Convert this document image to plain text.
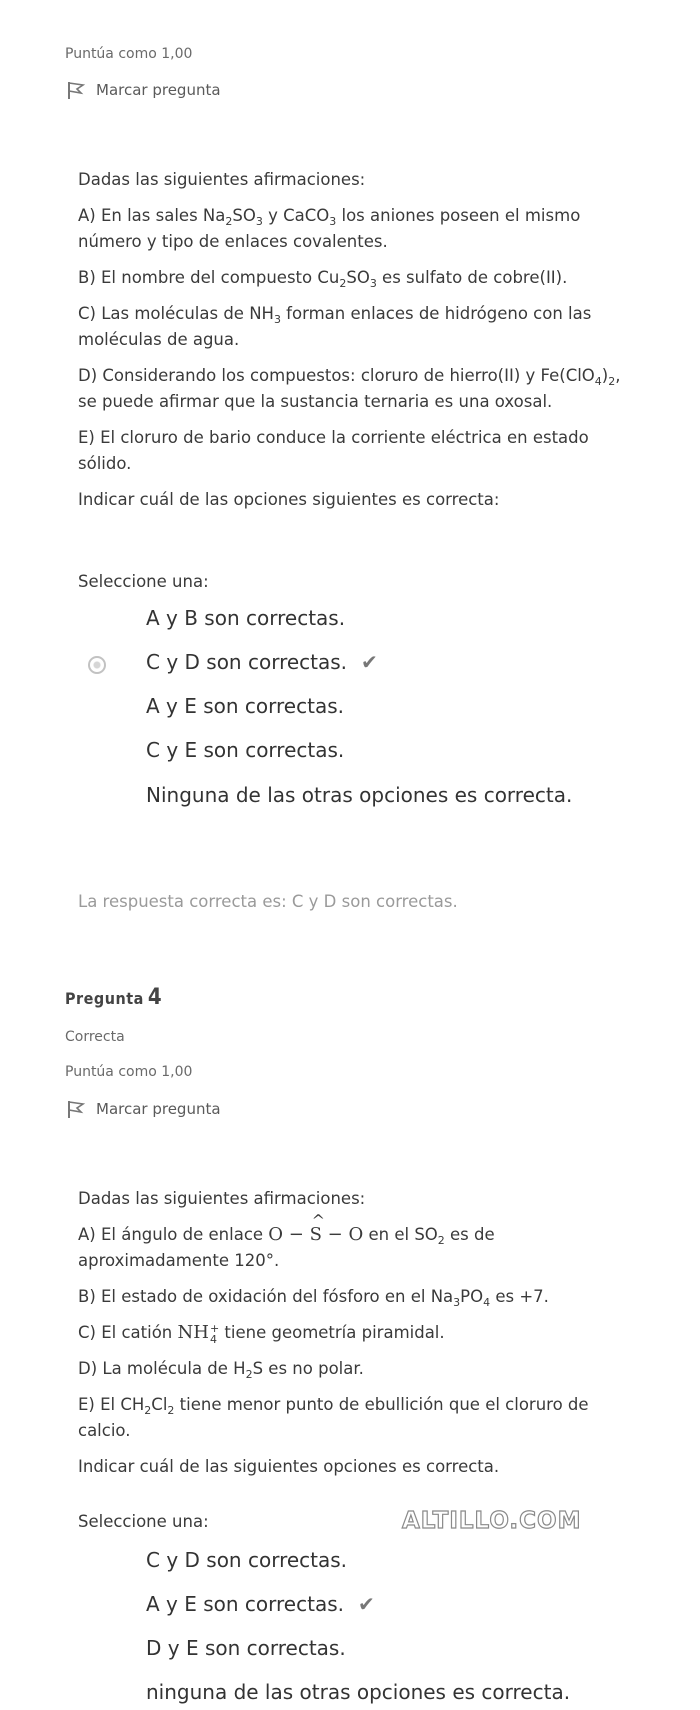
Puntúa como 1,00
Marcar pregunta

Dadas las siguientes afirmaciones:

A) En las sales $Na_2SO_3$ y CaCO$_3$ los aniones poseen el mismo número y tipo de enlaces covalentes.

B) El nombre del compuesto $Cu_2SO_3$ es sulfato de cobre(II).

C) Las moléculas de $NH_3$ forman enlaces de hidrógeno con las moléculas de agua.

D) Considerando los compuestos: cloruro de hierro(II) y $Fe(ClO_4)_2$, se puede afirmar que la sustancia ternaria es una oxosal.

E) El cloruro de bario conduce la corriente eléctrica en estado sólido.

Indicar cuál de las opciones siguientes es correcta:

Seleccione una:
A y B son correctas.
C y D son correctas. ✔
A y E son correctas.
C y E son correctas.
Ninguna de las otras opciones es correcta.
La respuesta correcta es: C y D son correctas.
Pregunta 4
Correcta
Puntúa como 1,00
Marcar pregunta

Dadas las siguientes afirmaciones:

A) El ángulo de enlace O − ^ S − O en el $SO_2$ es de aproximadamente 120°.

B) El estado de oxidación del fósforo en el $Na_3PO_4$ es +7.

C) El catión NH +
4 tiene geometría piramidal.

D) La molécula de $H_2S$ es no polar.

E) El $CH_2Cl_2$ tiene menor punto de ebullición que el cloruro de calcio.

Indicar cuál de las siguientes opciones es correcta.

Seleccione una:	ALTILLO.COM
C y D son correctas.
A y E son correctas. ✔
D y E son correctas.
ninguna de las otras opciones es correcta.
